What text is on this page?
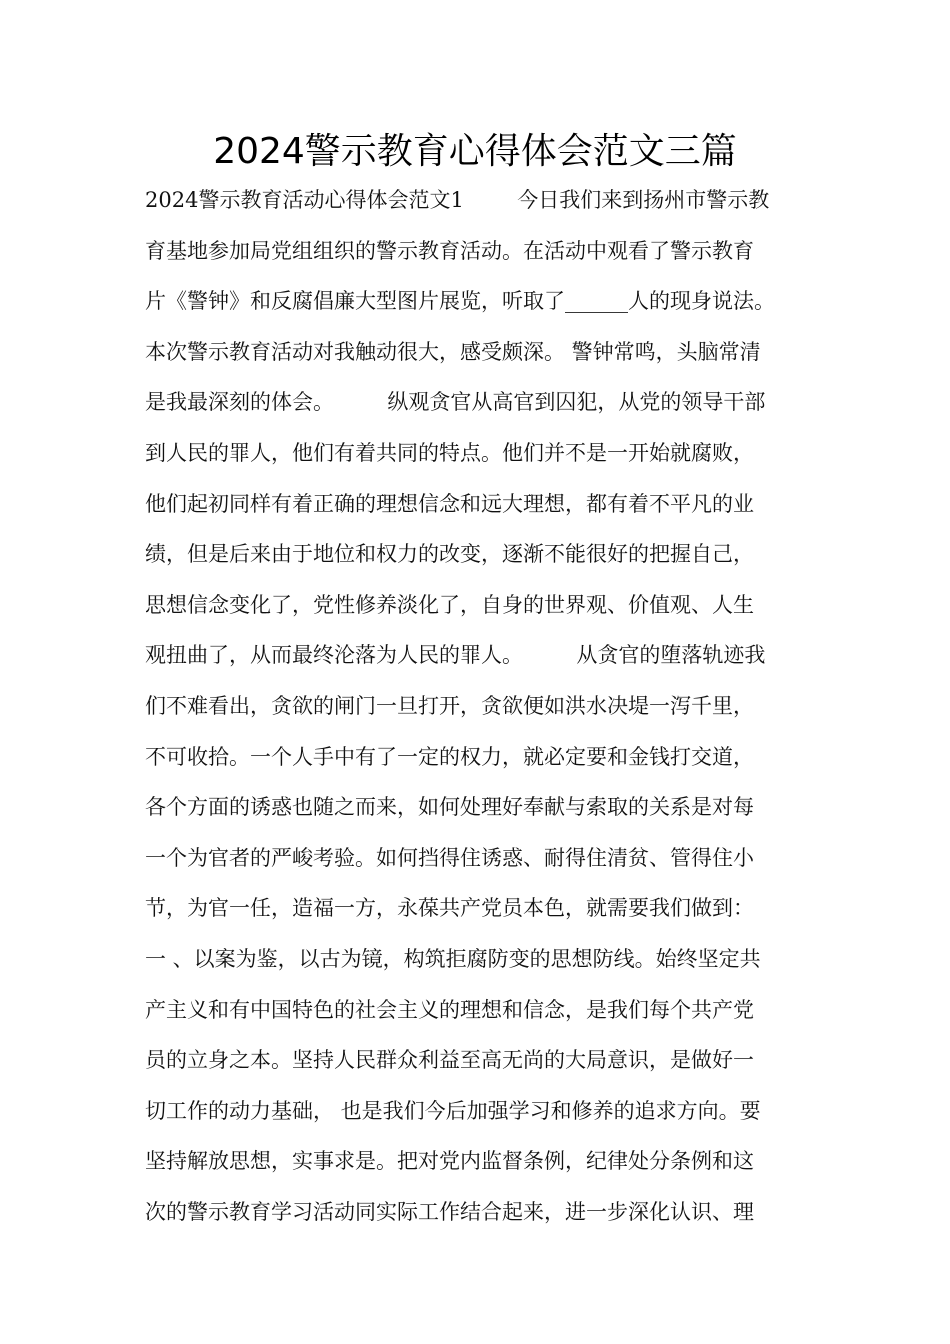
2024警示教育心得体会范文三篇
2024警示教育活动心得体会范文1        今日我们来到扬州市警示教
育基地参加局党组组织的警示教育活动。在活动中观看了警示教育
片《警钟》和反腐倡廉大型图片展览，听取了______人的现身说法。
本次警示教育活动对我触动很大，感受颇深。 警钟常鸣，头脑常清
是我最深刻的体会。        纵观贪官从高官到囚犯，从党的领导干部
到人民的罪人，他们有着共同的特点。他们并不是一开始就腐败，
他们起初同样有着正确的理想信念和远大理想，都有着不平凡的业
绩，但是后来由于地位和权力的改变，逐渐不能很好的把握自己，
思想信念变化了，党性修养淡化了，自身的世界观、价值观、人生
观扭曲了，从而最终沦落为人民的罪人。        从贪官的堕落轨迹我
们不难看出，贪欲的闸门一旦打开，贪欲便如洪水决堤一泻千里，
不可收拾。一个人手中有了一定的权力，就必定要和金钱打交道，
各个方面的诱惑也随之而来，如何处理好奉献与索取的关系是对每
一个为官者的严峻考验。如何挡得住诱惑、耐得住清贫、管得住小
节，为官一任，造福一方，永葆共产党员本色，就需要我们做到：
一 、以案为鉴，以古为镜，构筑拒腐防变的思想防线。始终坚定共
产主义和有中国特色的社会主义的理想和信念，是我们每个共产党
员的立身之本。坚持人民群众利益至高无尚的大局意识，是做好一
切工作的动力基础， 也是我们今后加强学习和修养的追求方向。要
坚持解放思想，实事求是。把对党内监督条例，纪律处分条例和这
次的警示教育学习活动同实际工作结合起来，进一步深化认识、理
